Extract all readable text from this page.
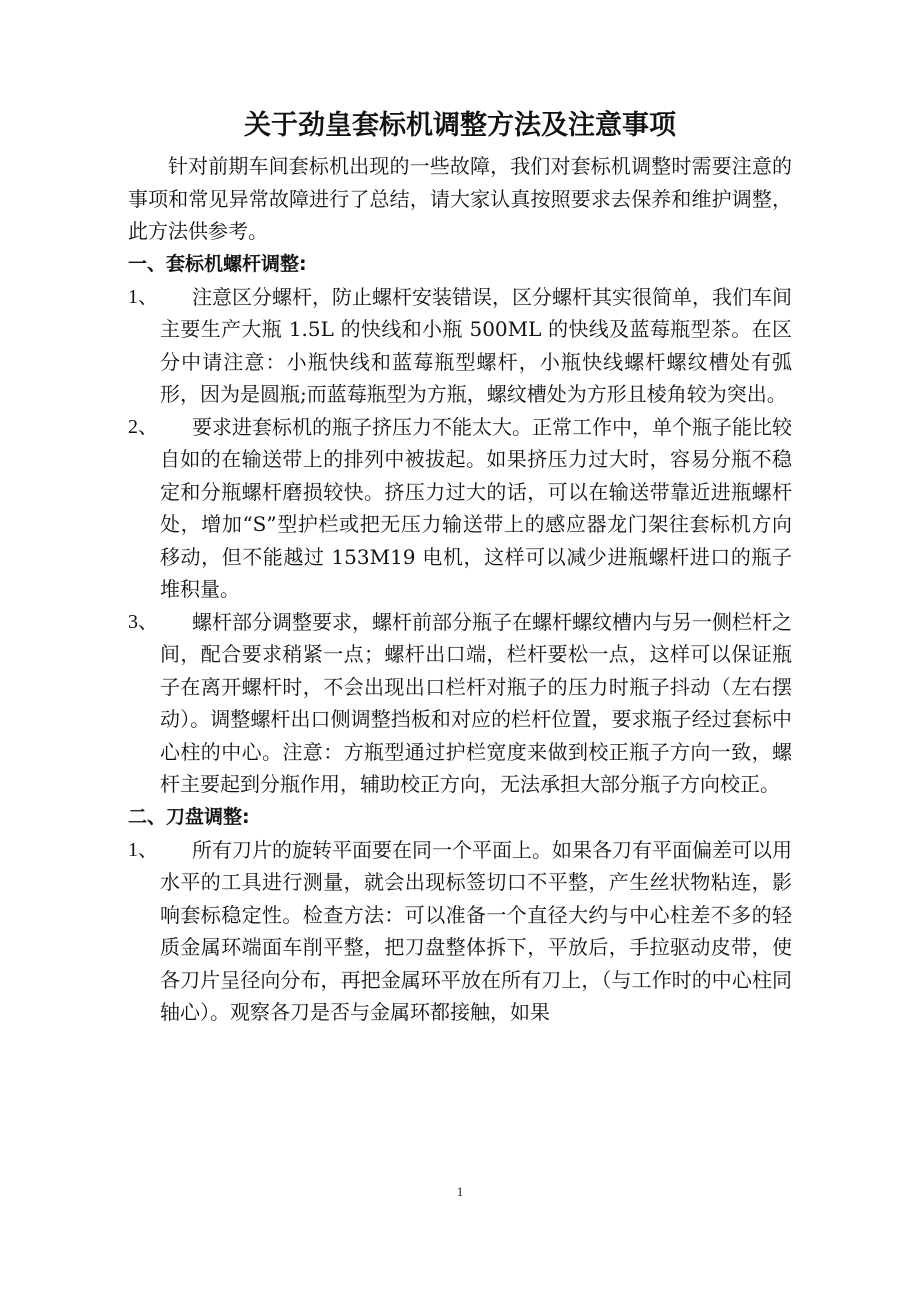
关于劲皇套标机调整方法及注意事项

针对前期车间套标机出现的一些故障，我们对套标机调整时需要注意的事项和常见异常故障进行了总结，请大家认真按照要求去保养和维护调整， 此方法供参考。

一、套标机螺杆调整:

1、	注意区分螺杆，防止螺杆安装错误，区分螺杆其实很简单，我们车间主要生产大瓶 1.5L 的快线和小瓶 500ML 的快线及蓝莓瓶型茶。在区分中请注意：小瓶快线和蓝莓瓶型螺杆，小瓶快线螺杆螺纹槽处有弧形，因为是圆瓶;而蓝莓瓶型为方瓶，螺纹槽处为方形且棱角较为突出。
2、	要求进套标机的瓶子挤压力不能太大。正常工作中，单个瓶子能比较自如的在输送带上的排列中被拔起。如果挤压力过大时，容易分瓶不稳定和分瓶螺杆磨损较快。挤压力过大的话，可以在输送带靠近进瓶螺杆处，增加“S”型护栏或把无压力输送带上的感应器龙门架往套标机方向移动，但不能越过 153M19 电机，这样可以减少进瓶螺杆进口的瓶子堆积量。
3、	螺杆部分调整要求，螺杆前部分瓶子在螺杆螺纹槽内与另一侧栏杆之间，配合要求稍紧一点；螺杆出口端，栏杆要松一点，这样可以保证瓶子在离开螺杆时，不会出现出口栏杆对瓶子的压力时瓶子抖动（左右摆动）。调整螺杆出口侧调整挡板和对应的栏杆位置，要求瓶子经过套标中心柱的中心。注意：方瓶型通过护栏宽度来做到校正瓶子方向一致，螺杆主要起到分瓶作用，辅助校正方向，无法承担大部分瓶子方向校正。

二、刀盘调整:

1、	所有刀片的旋转平面要在同一个平面上。如果各刀有平面偏差可以用水平的工具进行测量，就会出现标签切口不平整，产生丝状物粘连，影响套标稳定性。检查方法：可以准备一个直径大约与中心柱差不多的轻质金属环端面车削平整，把刀盘整体拆下，平放后，手拉驱动皮带，使各刀片呈径向分布，再把金属环平放在所有刀上，（与工作时的中心柱同轴心）。观察各刀是否与金属环都接触，如果
1
